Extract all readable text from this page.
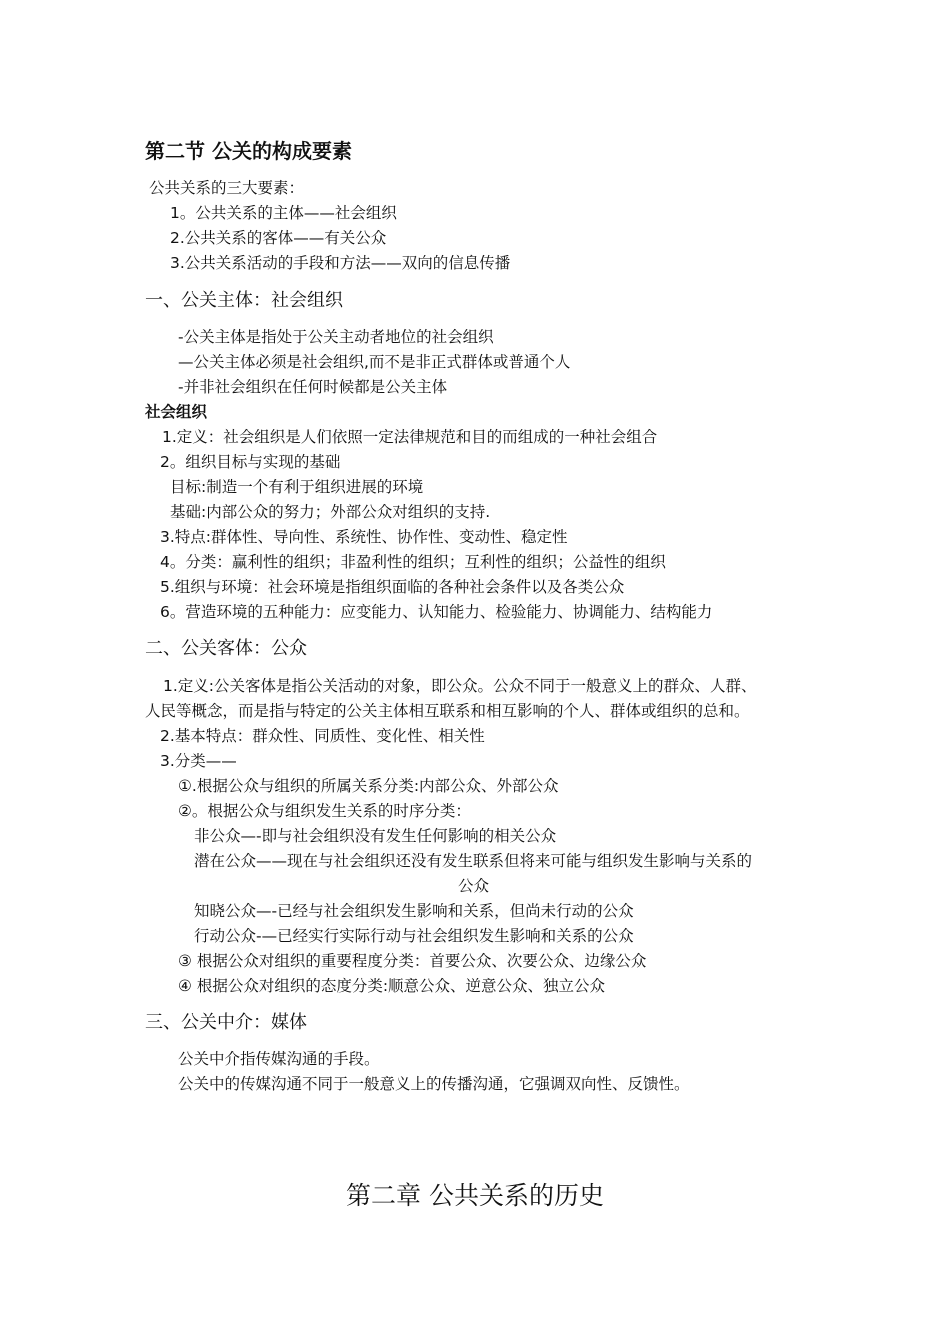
第二节 公关的构成要素
公共关系的三大要素：
1。公共关系的主体——社会组织
2.公共关系的客体——有关公众
3.公共关系活动的手段和方法——双向的信息传播
一、公关主体：社会组织
-公关主体是指处于公关主动者地位的社会组织
—公关主体必须是社会组织,而不是非正式群体或普通个人
-并非社会组织在任何时候都是公关主体
社会组织
1.定义：社会组织是人们依照一定法律规范和目的而组成的一种社会组合
2。组织目标与实现的基础
目标:制造一个有利于组织进展的环境
基础:内部公众的努力；外部公众对组织的支持.
3.特点:群体性、导向性、系统性、协作性、变动性、稳定性
4。分类：赢利性的组织；非盈利性的组织；互利性的组织；公益性的组织
5.组织与环境：社会环境是指组织面临的各种社会条件以及各类公众
6。营造环境的五种能力：应变能力、认知能力、检验能力、协调能力、结构能力
二、公关客体：公众
1.定义:公关客体是指公关活动的对象，即公众。公众不同于一般意义上的群众、人群、
人民等概念，而是指与特定的公关主体相互联系和相互影响的个人、群体或组织的总和。
2.基本特点：群众性、同质性、变化性、相关性
3.分类——
①.根据公众与组织的所属关系分类:内部公众、外部公众
②。根据公众与组织发生关系的时序分类：
非公众—-即与社会组织没有发生任何影响的相关公众
潜在公众——现在与社会组织还没有发生联系但将来可能与组织发生影响与关系的
公众
知晓公众—-已经与社会组织发生影响和关系，但尚未行动的公众
行动公众-—已经实行实际行动与社会组织发生影响和关系的公众
③ 根据公众对组织的重要程度分类：首要公众、次要公众、边缘公众
④ 根据公众对组织的态度分类:顺意公众、逆意公众、独立公众
三、公关中介：媒体
公关中介指传媒沟通的手段。
公关中的传媒沟通不同于一般意义上的传播沟通，它强调双向性、反馈性。
第二章 公共关系的历史
